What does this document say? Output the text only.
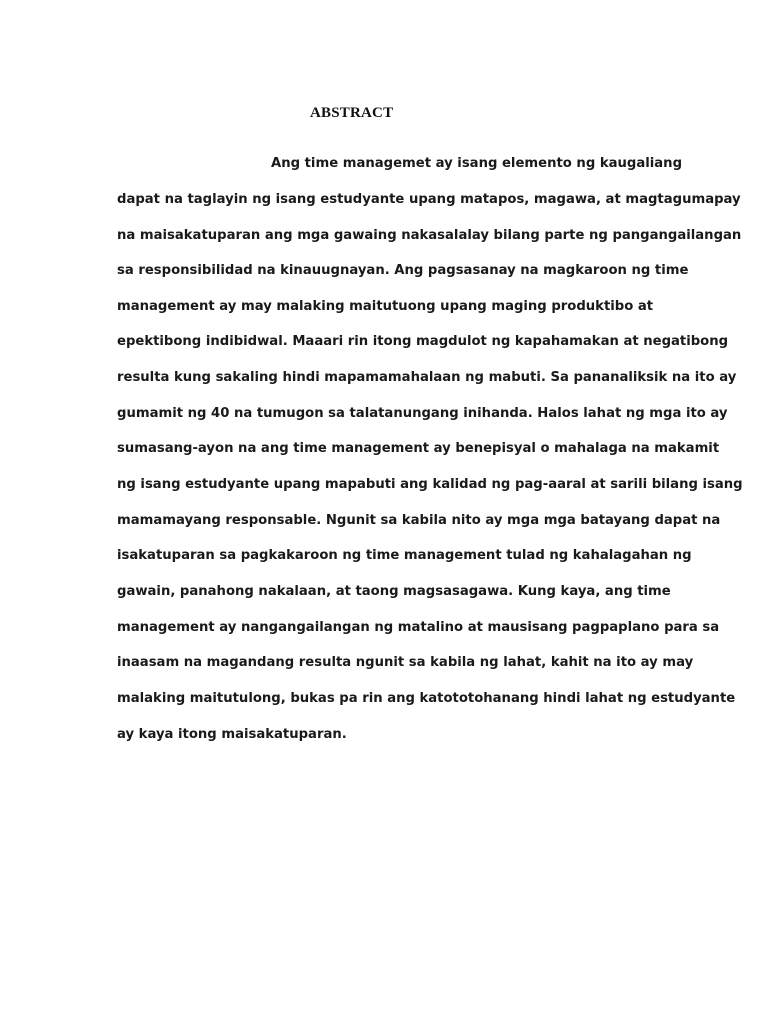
ABSTRACT

Ang time managemet ay isang elemento ng kaugaliang

dapat na taglayin ng isang estudyante upang matapos, magawa, at magtagumapay

na maisakatuparan ang mga gawaing nakasalalay bilang parte ng pangangailangan

sa responsibilidad na kinauugnayan. Ang pagsasanay na magkaroon ng time

management ay may malaking maitutuong upang maging produktibo at

epektibong indibidwal. Maaari rin itong magdulot ng kapahamakan at negatibong

resulta kung sakaling hindi mapamamahalaan ng mabuti. Sa pananaliksik na ito ay

gumamit ng 40 na tumugon sa talatanungang inihanda. Halos lahat ng mga ito ay

sumasang-ayon na ang time management ay benepisyal o mahalaga na makamit

ng isang estudyante upang mapabuti ang kalidad ng pag-aaral at sarili bilang isang

mamamayang responsable. Ngunit sa kabila nito ay mga mga batayang dapat na

isakatuparan sa pagkakaroon ng time management tulad ng kahalagahan ng

gawain, panahong nakalaan, at taong magsasagawa. Kung kaya, ang time

management ay nangangailangan ng matalino at mausisang pagpaplano para sa

inaasam na magandang resulta ngunit sa kabila ng lahat, kahit na ito ay may

malaking maitutulong, bukas pa rin ang katototohanang hindi lahat ng estudyante

ay kaya itong maisakatuparan.
